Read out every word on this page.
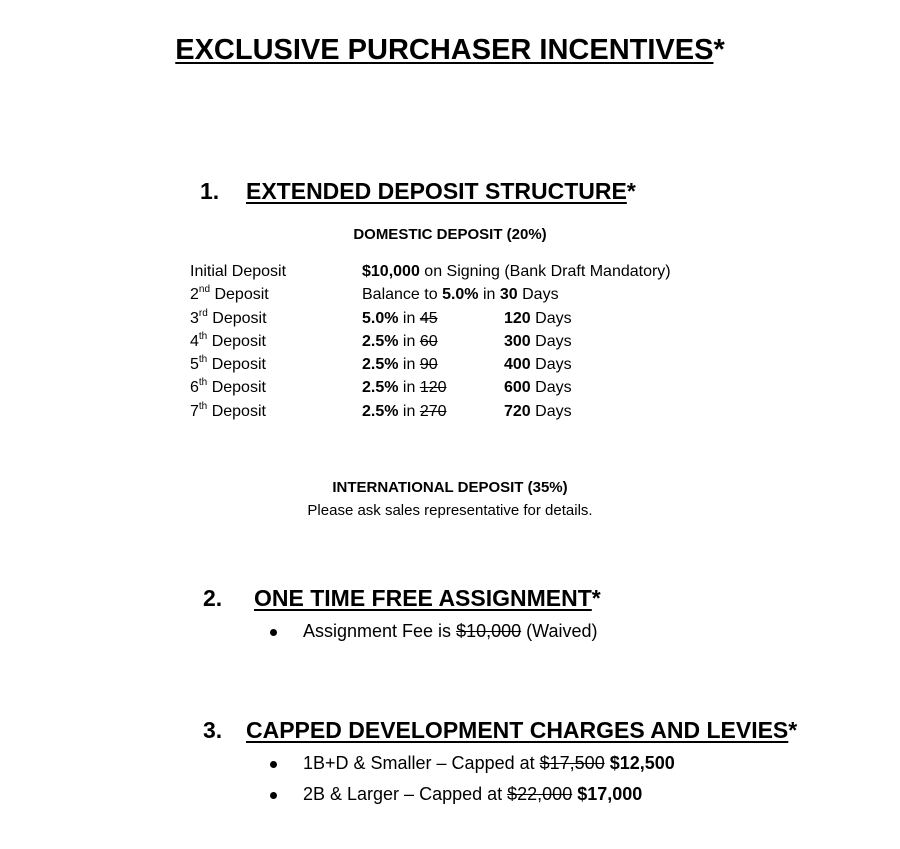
EXCLUSIVE PURCHASER INCENTIVES*
1. EXTENDED DEPOSIT STRUCTURE*
DOMESTIC DEPOSIT (20%)
Initial Deposit	$10,000 on Signing (Bank Draft Mandatory)
2nd Deposit	Balance to 5.0% in 30 Days
3rd Deposit	5.0% in 45	120 Days
4th Deposit	2.5% in 60	300 Days
5th Deposit	2.5% in 90	400 Days
6th Deposit	2.5% in 120	600 Days
7th Deposit	2.5% in 270	720 Days
INTERNATIONAL DEPOSIT (35%)
Please ask sales representative for details.
2. ONE TIME FREE ASSIGNMENT*
Assignment Fee is $10,000 (Waived)
3. CAPPED DEVELOPMENT CHARGES AND LEVIES*
1B+D & Smaller – Capped at $17,500 $12,500
2B & Larger – Capped at $22,000 $17,000
